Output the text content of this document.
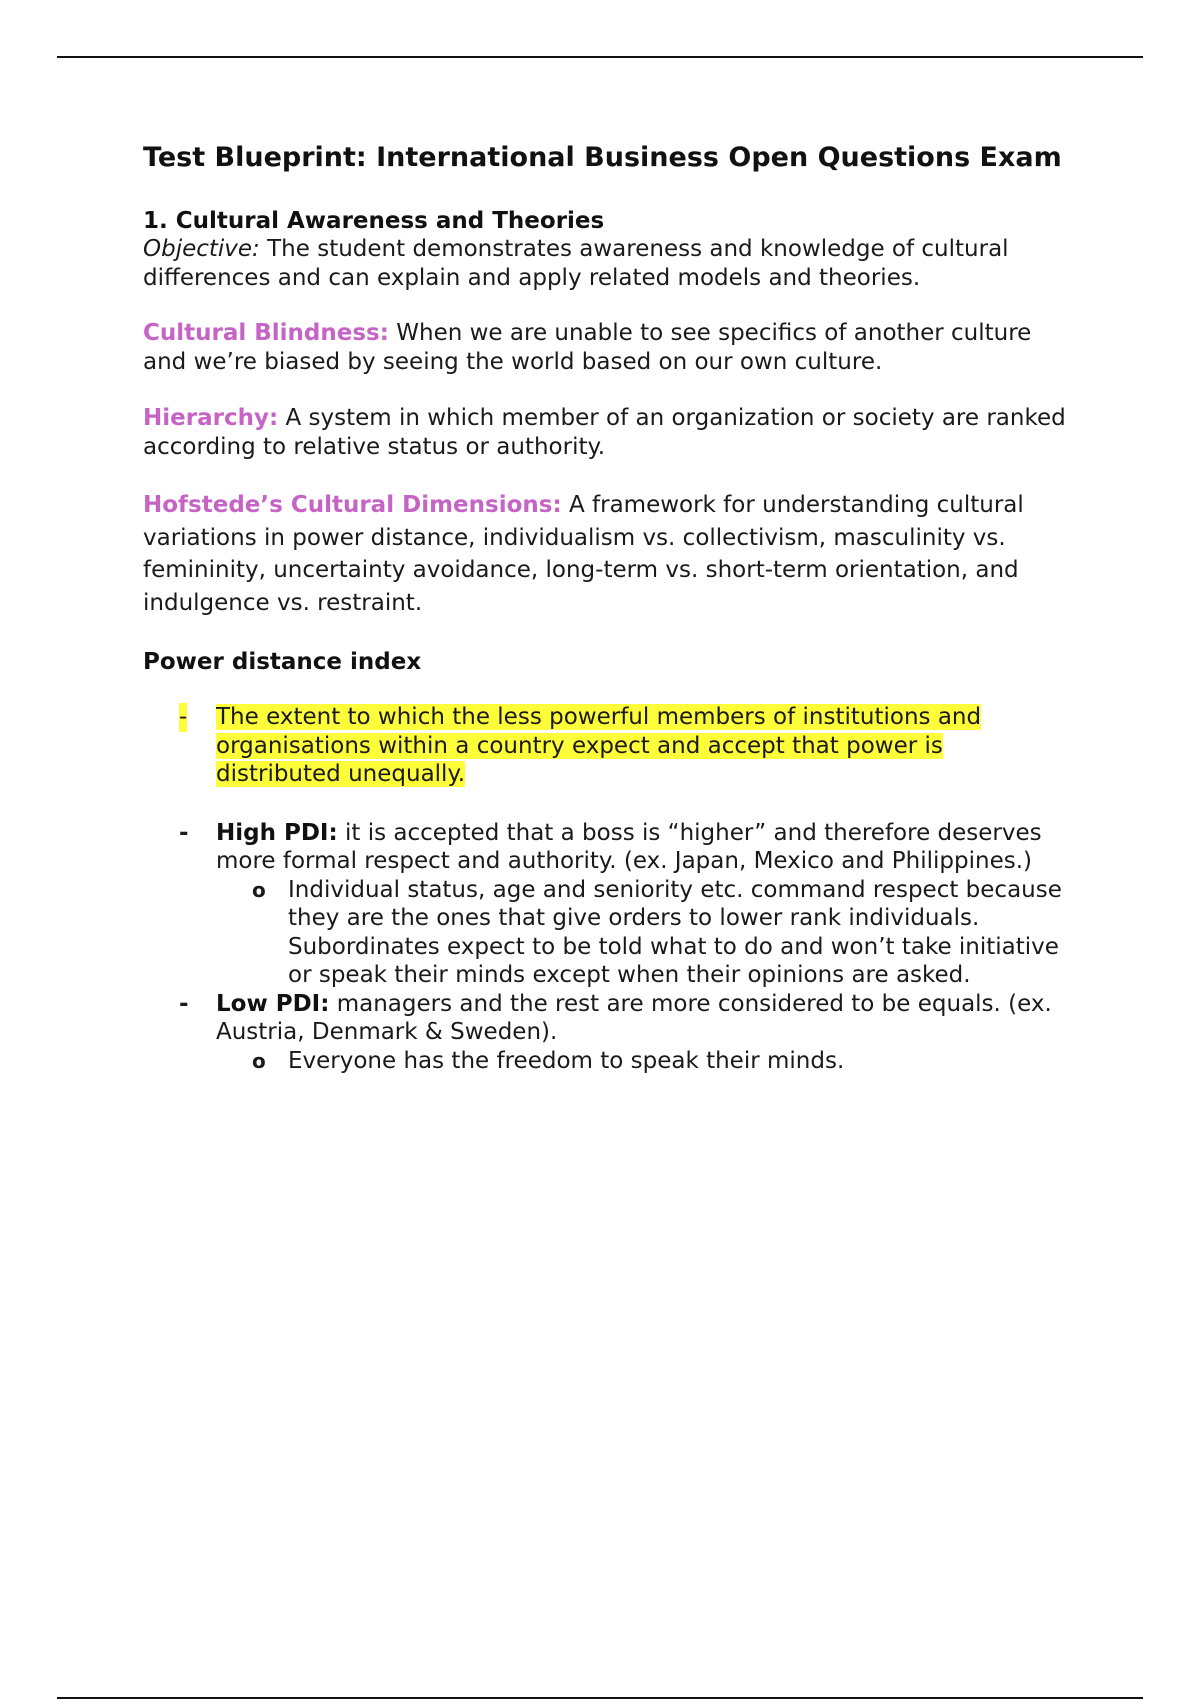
Test Blueprint: International Business Open Questions Exam
1. Cultural Awareness and Theories

Objective: The student demonstrates awareness and knowledge of cultural differences and can explain and apply related models and theories.

Cultural Blindness: When we are unable to see specifics of another culture and we’re biased by seeing the world based on our own culture.

Hierarchy: A system in which member of an organization or society are ranked according to relative status or authority.

Hofstede’s Cultural Dimensions: A framework for understanding cultural variations in power distance, individualism vs. collectivism, masculinity vs. femininity, uncertainty avoidance, long-term vs. short-term orientation, and indulgence vs. restraint.

Power distance index
- The extent to which the less powerful members of institutions and organisations within a country expect and accept that power is distributed unequally.
- High PDI: it is accepted that a boss is “higher” and therefore deserves more formal respect and authority. (ex. Japan, Mexico and Philippines.)
o Individual status, age and seniority etc. command respect because they are the ones that give orders to lower rank individuals. Subordinates expect to be told what to do and won’t take initiative or speak their minds except when their opinions are asked.
- Low PDI: managers and the rest are more considered to be equals. (ex. Austria, Denmark & Sweden).
o Everyone has the freedom to speak their minds.
